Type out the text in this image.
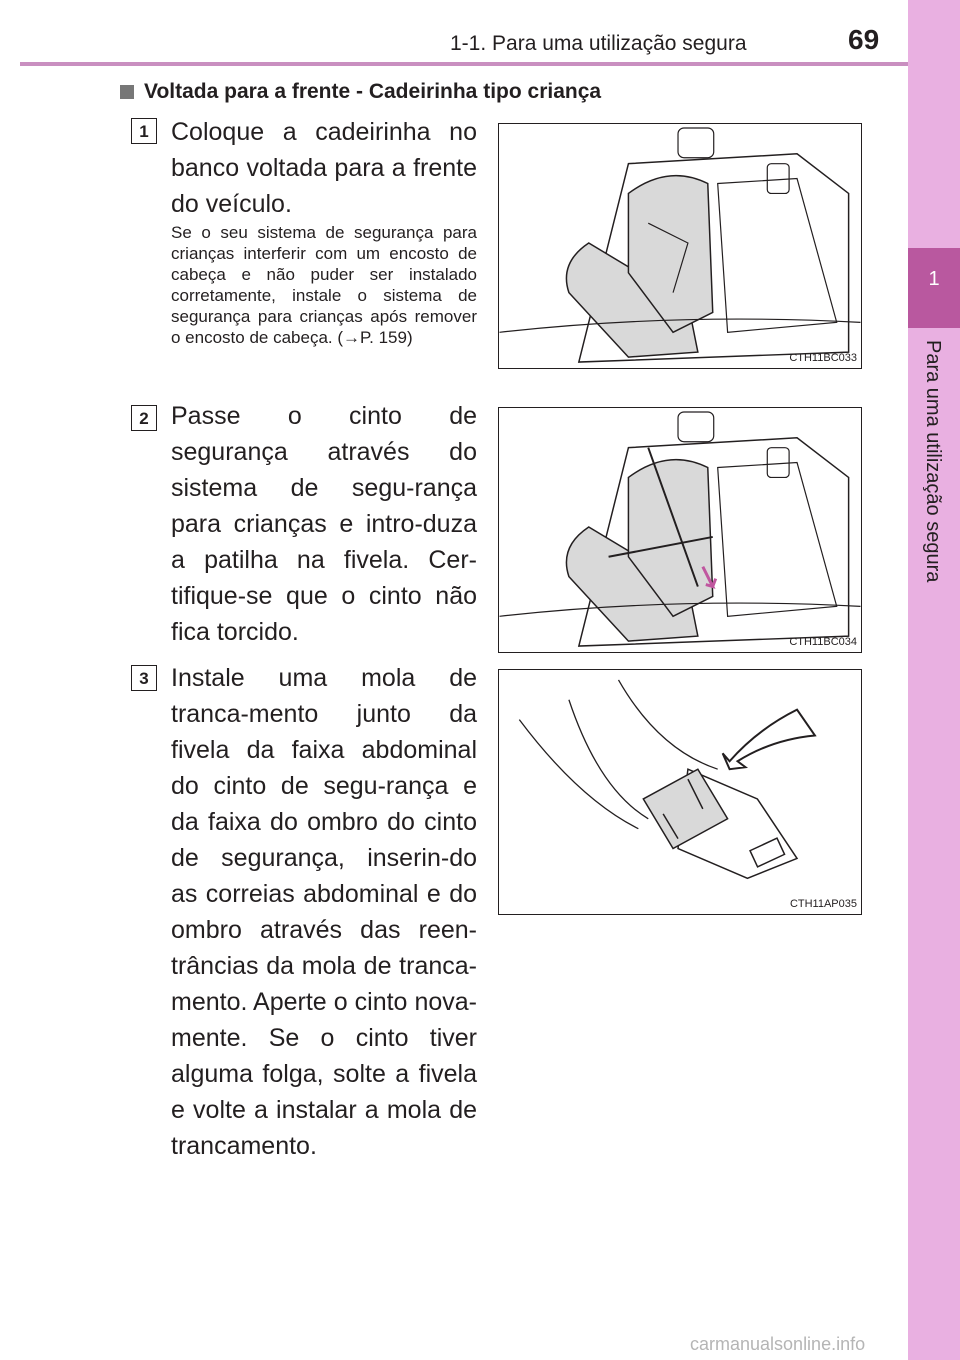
1-1. Para uma utilização segura	69
1
Para uma utilização segura
Voltada para a frente - Cadeirinha tipo criança
1 Coloque a cadeirinha no banco voltada para a frente do veículo.
Se o seu sistema de segurança para crianças interferir com um encosto de cabeça e não puder ser instalado corretamente, instale o sistema de segurança para crianças após remover o encosto de cabeça. (→P. 159)
CTH11BC033
2 Passe o cinto de segurança através do sistema de segu-rança para crianças e intro-duza a patilha na fivela. Cer-tifique-se que o cinto não fica torcido.	CTH11BC034
3 Instale uma mola de tranca-mento junto da fivela da faixa abdominal do cinto de segu-rança e da faixa do ombro do cinto de segurança, inserin-do as correias abdominal e do ombro através das reen-trâncias da mola de tranca-mento. Aperte o cinto nova-mente. Se o cinto tiver alguma folga, solte a fivela e volte a instalar a mola de trancamento.
CTH11AP035
carmanualsonline.info
